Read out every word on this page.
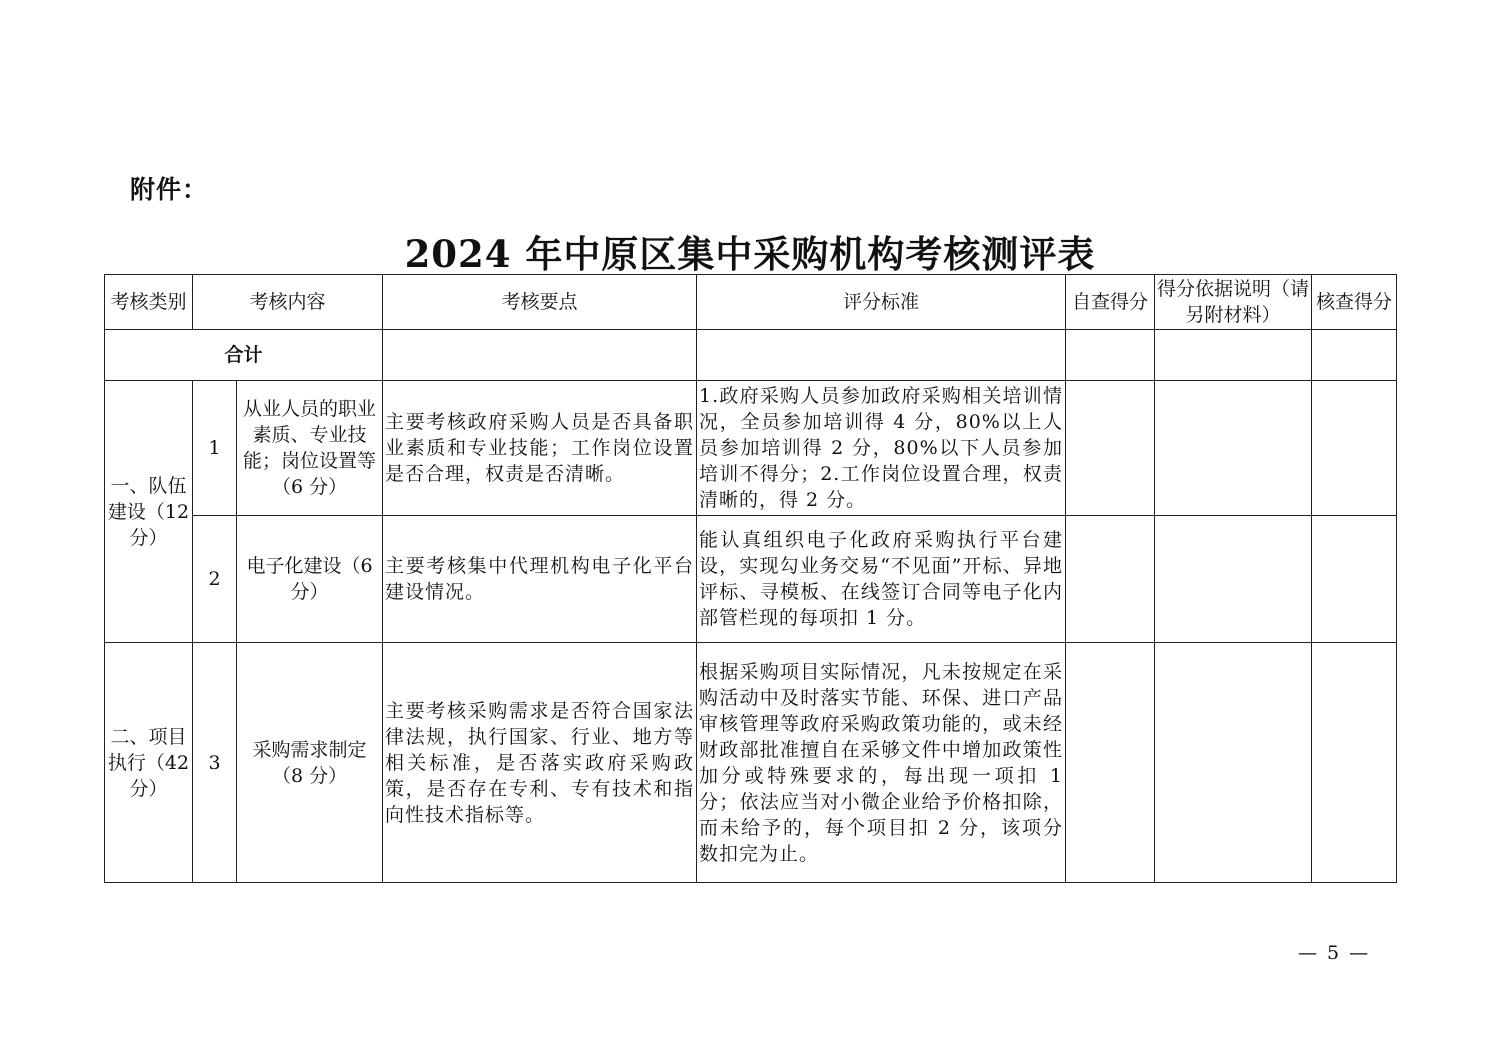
附件：
2024 年中原区集中采购机构考核测评表
考核类别	考核内容		考核要点	评分标准	自查得分	得分依据说明（请另附材料）	核查得分
合计							
一、队伍建设（12 分）	1	从业人员的职业素质、专业技能；岗位设置等（6 分）	主要考核政府采购人员是否具备职业素质和专业技能；工作岗位设置是否合理，权责是否清晰。	1.政府采购人员参加政府采购相关培训情况，全员参加培训得 4 分，80%以上人员参加培训得 2 分，80%以下人员参加培训不得分；2.工作岗位设置合理，权责清晰的，得 2 分。			
	2	电子化建设（6 分）	主要考核集中代理机构电子化平台建设情况。	能认真组织电子化政府采购执行平台建设，实现勾业务交易“不见面”开标、异地评标、寻模板、在线签订合同等电子化内部管栏现的每项扣 1 分。			
二、项目执行（42 分）	3	采购需求制定（8 分）	主要考核采购需求是否符合国家法律法规，执行国家、行业、地方等相关标准，是否落实政府采购政策，是否存在专利、专有技术和指向性技术指标等。	根据采购项目实际情况，凡未按规定在采购活动中及时落实节能、环保、进口产品审核管理等政府采购政策功能的，或未经财政部批准擅自在采够文件中增加政策性加分或特殊要求的，每出现一项扣 1 分；依法应当对小微企业给予价格扣除，而未给予的，每个项目扣 2 分，该项分数扣完为止。			
— 5 —
